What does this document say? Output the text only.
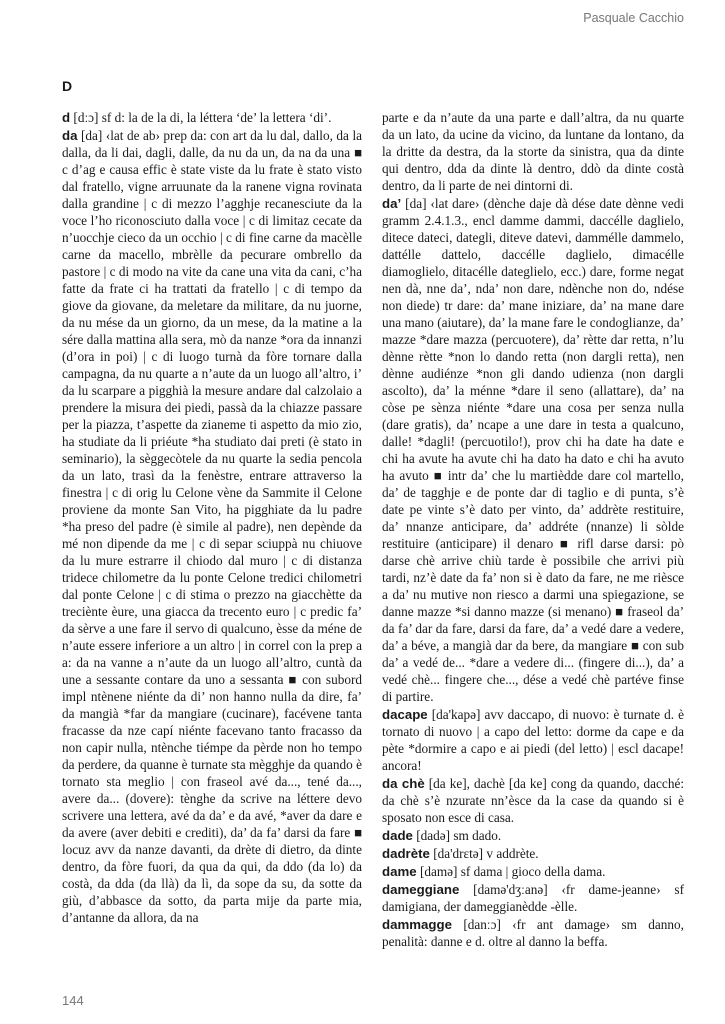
Pasquale Cacchio
D

d [dːɔ] sf d: la de la di, la léttera ‘de’ la lettera ‘di’.

da [da] ‹lat de ab› prep da: con art da lu dal, dallo, da la dalla, da li dai, dagli, dalle, da nu da un, da na da una ■ c d’ag e causa effic è state viste da lu frate è stato visto dal fratello, vigne arruunate da la ranene vigna rovinata dalla grandine | c di mezzo l’agghje recanesciute da la voce l’ho riconosciuto dalla voce | c di limitaz cecate da n’uocchje cieco da un occhio | c di fine carne da macèlle carne da macello, mbrèlle da pecurare ombrello da pastore | c di modo na vite da cane una vita da cani, c’ha fatte da frate ci ha trattati da fratello | c di tempo da giove da giovane, da meletare da militare, da nu juorne, da nu mése da un giorno, da un mese, da la matine a la sére dalla mattina alla sera, mò da nanze *ora da innanzi (d’ora in poi) | c di luogo turnà da fòre tornare dalla campagna, da nu quarte a n’aute da un luogo all’altro, i’ da lu scarpare a pigghià la mesure andare dal calzolaio a prendere la misura dei piedi, passà da la chiazze passare per la piazza, t’aspette da zianeme ti aspetto da mio zio, ha studiate da li priéute *ha studiato dai preti (è stato in seminario), la sèggecòtele da nu quarte la sedia pencola da un lato, trasì da la fenèstre, entrare attraverso la finestra | c di orig lu Celone vène da Sammite il Celone proviene da monte San Vito, ha pigghiate da lu padre *ha preso del padre (è simile al padre), nen depènde da mé non dipende da me | c di separ sciuppà nu chiuove da lu mure estrarre il chiodo dal muro | c di distanza tridece chilometre da lu ponte Celone tredici chilometri dal ponte Celone | c di stima o prezzo na giacchètte da treciènte èure, una giacca da trecento euro | c predic fa’ da sèrve a une fare il servo di qualcuno, èsse da méne de n’aute essere inferiore a un altro | in correl con la prep a a: da na vanne a n’aute da un luogo all’altro, cuntà da une a sessante contare da uno a sessanta ■ con subord impl ntènene niénte da di’ non hanno nulla da dire, fa’ da mangià *far da mangiare (cucinare), facévene tanta fracasse da nze capí niénte facevano tanto fracasso da non capir nulla, ntènche tiémpe da pèrde non ho tempo da perdere, da quanne è turnate sta mègghje da quando è tornato sta meglio | con fraseol avé da..., tené da..., avere da... (dovere): tènghe da scrive na léttere devo scrivere una lettera, avé da da’ e da avé, *aver da dare e da avere (aver debiti e crediti), da’ da fa’ darsi da fare ■ locuz avv da nanze davanti, da drète di dietro, da dinte dentro, da fòre fuori, da qua da qui, da ddo (da lo) da costà, da dda (da llà) da lì, da sope da su, da sotte da giù, d’abbasce da sotto, da parta mije da parte mia, d’antanne da allora, da na

parte e da n’aute da una parte e dall’altra, da nu quarte da un lato, da ucine da vicino, da luntane da lontano, da la dritte da destra, da la storte da sinistra, qua da dinte qui dentro, dda da dinte là dentro, ddò da dinte costà dentro, da li parte de nei dintorni di.

da’ [da] ‹lat dare› (dènche daje dà dése date dènne vedi gramm 2.4.1.3., encl damme dammi, daccélle daglielo, ditece dateci, dategli, diteve datevi, dammélle dammelo, dattélle dattelo, daccélle daglielo, dimacélle diamoglielo, ditacélle dateglielo, ecc.) dare, forme negat nen dà, nne da’, nda’ non dare, ndènche non do, ndése non diede) tr dare: da’ mane iniziare, da’ na mane dare una mano (aiutare), da’ la mane fare le condoglianze, da’ mazze *dare mazza (percuotere), da’ rètte dar retta, n’lu dènne rètte *non lo dando retta (non dargli retta), nen dènne audiénze *non gli dando udienza (non dargli ascolto), da’ la ménne *dare il seno (allattare), da’ na còse pe sènza niénte *dare una cosa per senza nulla (dare gratis), da’ ncape a une dare in testa a qualcuno, dalle! *dagli! (percuotilo!), prov chi ha date ha date e chi ha avute ha avute chi ha dato ha dato e chi ha avuto ha avuto ■ intr da’ che lu martièdde dare col martello, da’ de tagghje e de ponte dar di taglio e di punta, s’è date pe vinte s’è dato per vinto, da’ addrète restituire, da’ nnanze anticipare, da’ addréte (nnanze) li sòlde restituire (anticipare) il denaro ■ rifl darse darsi: pò darse chè arrive chiù tarde è possibile che arrivi più tardi, nz’è date da fa’ non si è dato da fare, ne me rièsce a da’ nu mutive non riesco a darmi una spiegazione, se danne mazze *si danno mazze (si menano) ■ fraseol da’ da fa’ dar da fare, darsi da fare, da’ a vedé dare a vedere, da’ a béve, a mangià dar da bere, da mangiare ■ con sub da’ a vedé de... *dare a vedere di... (fingere di...), da’ a vedé chè... fingere che..., dése a vedé chè partéve finse di partire.

dacape [da'kapə] avv daccapo, di nuovo: è turnate d. è tornato di nuovo | a capo del letto: dorme da cape e da pète *dormire a capo e ai piedi (del letto) | escl dacape! ancora!

da chè [da ke], dachè [da ke] cong da quando, dacché: da chè s’è nzurate nn’èsce da la case da quando si è sposato non esce di casa.

dade [dadə] sm dado.

dadrète [da'drɛtə] v addrète.

dame [damə] sf dama | gioco della dama.

dameggiane [damə'dʒːanə] ‹fr dame-jeanne› sf damigiana, der dameggianèdde -èlle.

dammagge [danːɔ] ‹fr ant damage› sm danno, penalità: danne e d. oltre al danno la beffa.

144
